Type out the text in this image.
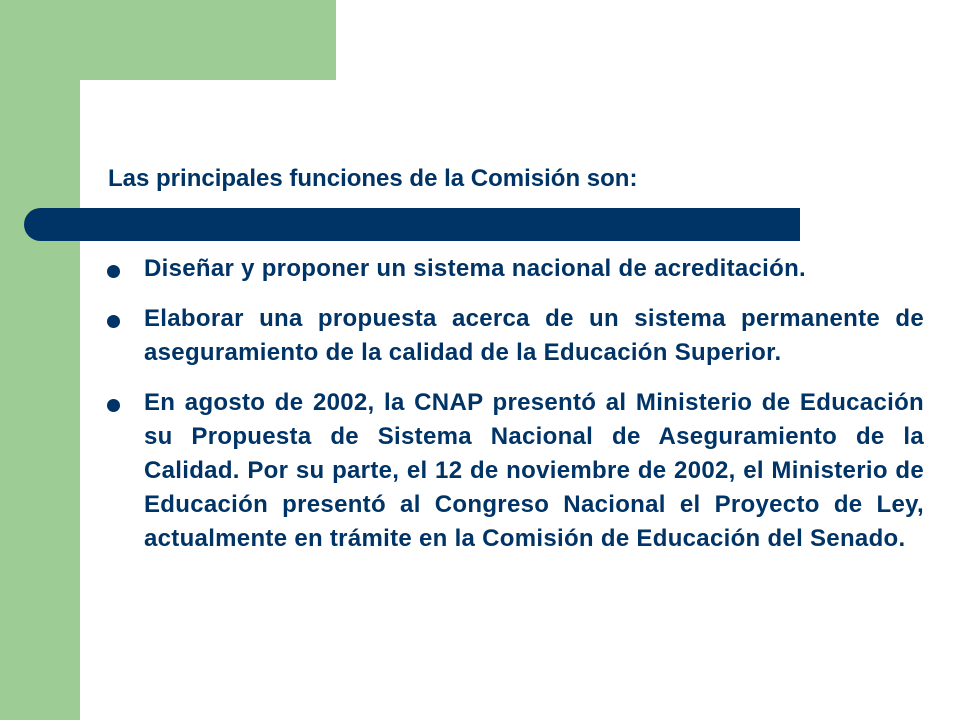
Las principales funciones de la Comisión son:
Diseñar y proponer un sistema nacional de acreditación.
Elaborar una propuesta acerca de un sistema permanente de aseguramiento de la calidad de la Educación Superior.
En agosto de 2002, la CNAP presentó al Ministerio de Educación su Propuesta de Sistema Nacional de Aseguramiento de la Calidad. Por su parte, el 12 de noviembre de 2002, el Ministerio de Educación presentó al Congreso Nacional el Proyecto de Ley, actualmente en trámite en la Comisión de Educación del Senado.
